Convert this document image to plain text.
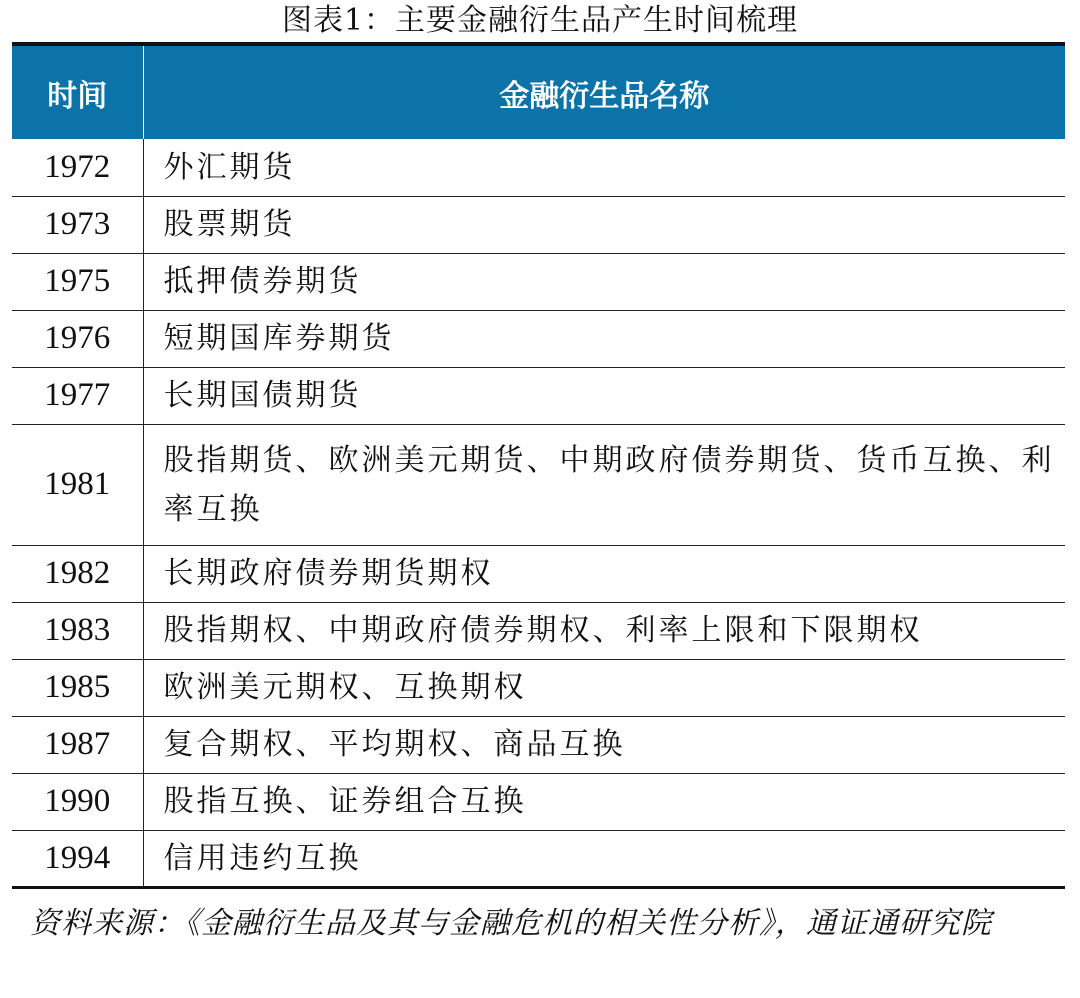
图表1：主要金融衍生品产生时间梳理
时间	金融衍生品名称
1972	外汇期货
1973	股票期货
1975	抵押债券期货
1976	短期国库券期货
1977	长期国债期货
1981	股指期货、欧洲美元期货、中期政府债券期货、货币互换、利率互换
1982	长期政府债券期货期权
1983	股指期权、中期政府债券期权、利率上限和下限期权
1985	欧洲美元期权、互换期权
1987	复合期权、平均期权、商品互换
1990	股指互换、证券组合互换
1994	信用违约互换
资料来源：《金融衍生品及其与金融危机的相关性分析》，通证通研究院
